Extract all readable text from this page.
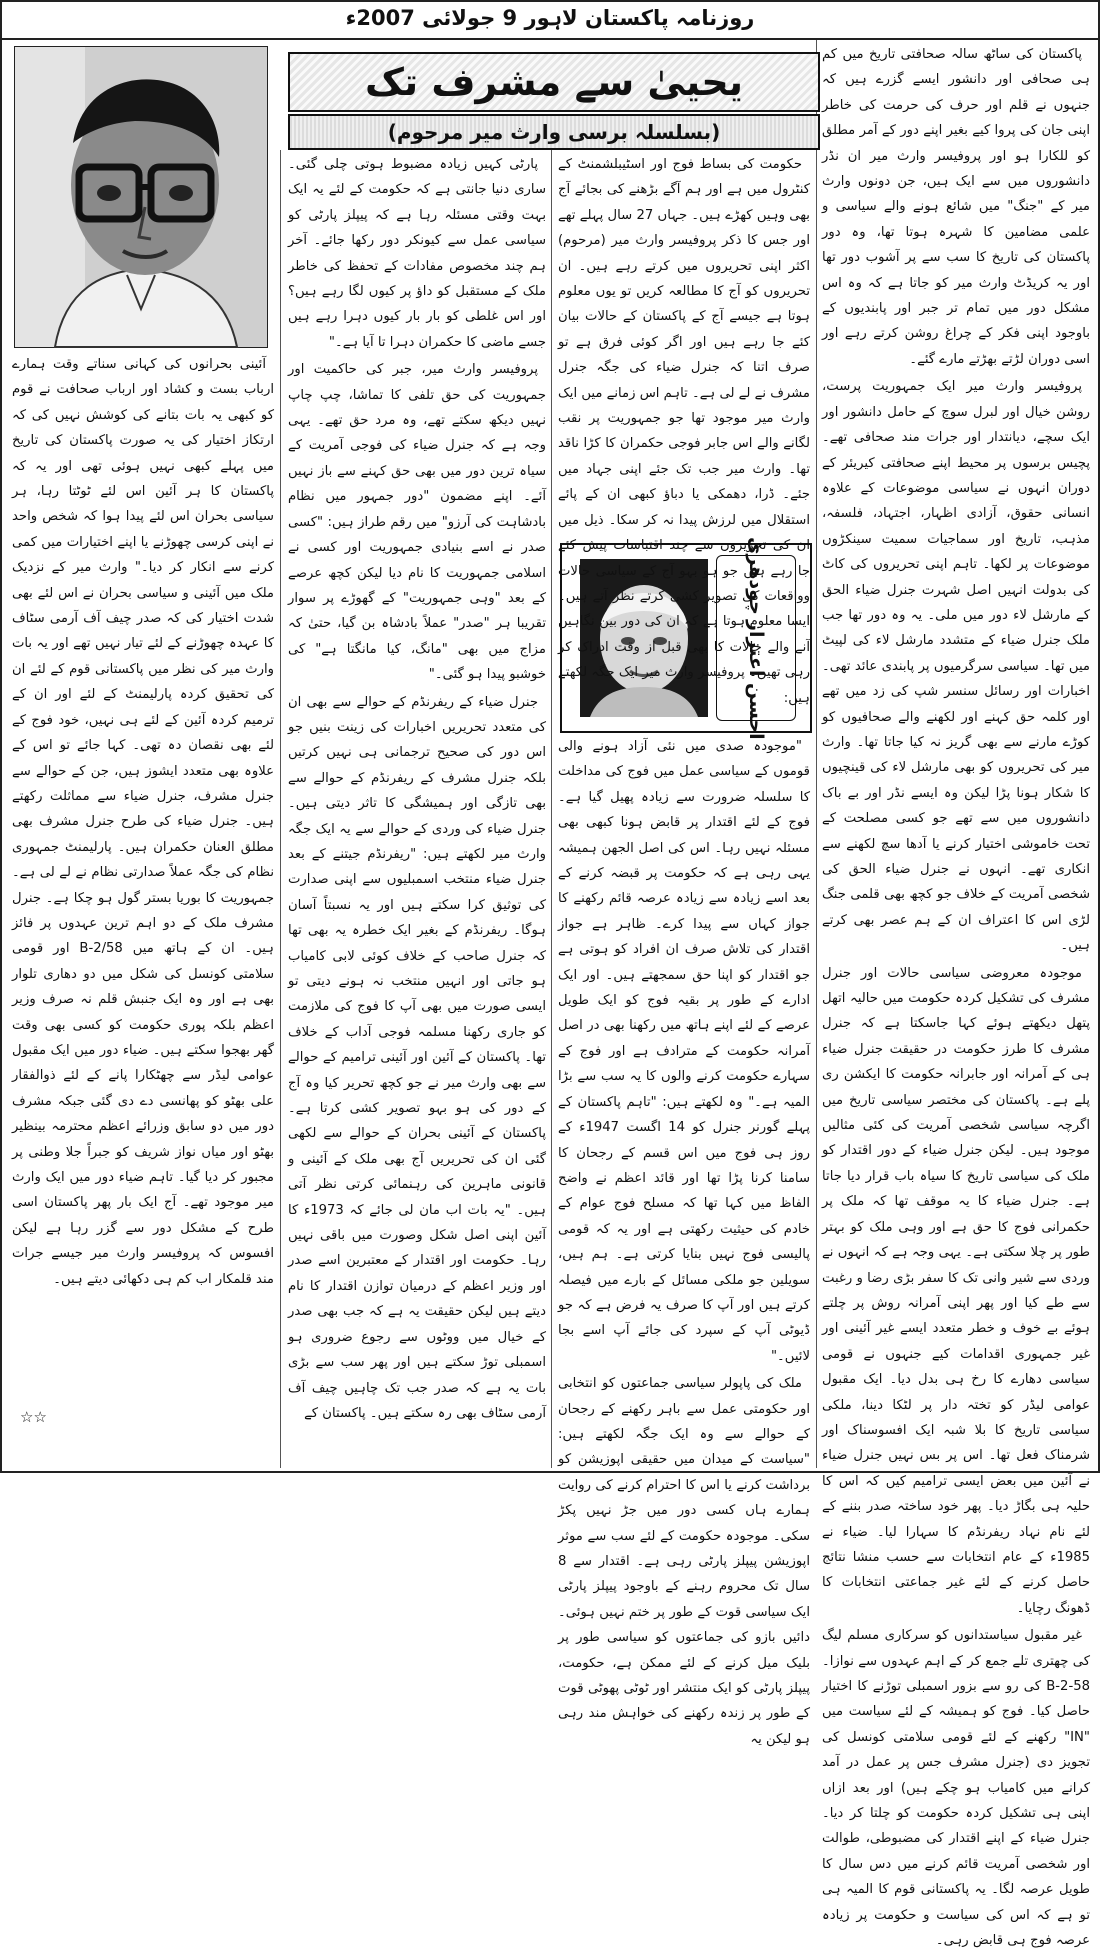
روزنامہ پاکستان لاہور 9 جولائی 2007ء
یحییٰ سے مشرف تک
(بسلسلہ برسی وارث میر مرحوم)
چودھری
اعتزاز
احسن

پاکستان کی ساٹھ سالہ صحافتی تاریخ میں کم ہی صحافی اور دانشور ایسے گزرے ہیں کہ جنہوں نے قلم اور حرف کی حرمت کی خاطر اپنی جان کی پروا کیے بغیر اپنے دور کے آمر مطلق کو للکارا ہو اور پروفیسر وارث میر ان نڈر دانشوروں میں سے ایک ہیں، جن دونوں وارث میر کے "جنگ" میں شائع ہونے والے سیاسی و علمی مضامین کا شہرہ ہوتا تھا، وہ دور پاکستان کی تاریخ کا سب سے پر آشوب دور تھا اور یہ کریڈٹ وارث میر کو جاتا ہے کہ وہ اس مشکل دور میں تمام تر جبر اور پابندیوں کے باوجود اپنی فکر کے چراغ روشن کرتے رہے اور اسی دوران لڑتے بھڑتے مارے گئے۔

پروفیسر وارث میر ایک جمہوریت پرست، روشن خیال اور لبرل سوچ کے حامل دانشور اور ایک سچے، دیانتدار اور جرات مند صحافی تھے۔ پچیس برسوں پر محیط اپنے صحافتی کیریئر کے دوران انہوں نے سیاسی موضوعات کے علاوہ انسانی حقوق، آزادی اظہار، اجتہاد، فلسفہ، مذہب، تاریخ اور سماجیات سمیت سینکڑوں موضوعات پر لکھا۔ تاہم اپنی تحریروں کی کاٹ کی بدولت انہیں اصل شہرت جنرل ضیاء الحق کے مارشل لاء دور میں ملی۔ یہ وہ دور تھا جب ملک جنرل ضیاء کے متشدد مارشل لاء کی لپیٹ میں تھا۔ سیاسی سرگرمیوں پر پابندی عائد تھی۔ اخبارات اور رسائل سنسر شپ کی زد میں تھے اور کلمہ حق کہنے اور لکھنے والے صحافیوں کو کوڑے مارنے سے بھی گریز نہ کیا جاتا تھا۔ وارث میر کی تحریروں کو بھی مارشل لاء کی قینچیوں کا شکار ہونا پڑا لیکن وہ ایسے نڈر اور بے باک دانشوروں میں سے تھے جو کسی مصلحت کے تحت خاموشی اختیار کرنے یا آدھا سچ لکھنے سے انکاری تھے۔ انہوں نے جنرل ضیاء الحق کی شخصی آمریت کے خلاف جو کچھ بھی قلمی جنگ لڑی اس کا اعتراف ان کے ہم عصر بھی کرتے ہیں۔

موجودہ معروضی سیاسی حالات اور جنرل مشرف کی تشکیل کردہ حکومت میں حالیہ اتھل پتھل دیکھتے ہوئے کہا جاسکتا ہے کہ جنرل مشرف کا طرز حکومت در حقیقت جنرل ضیاء ہی کے آمرانہ اور جابرانہ حکومت کا ایکشن ری پلے ہے۔ پاکستان کی مختصر سیاسی تاریخ میں اگرچہ سیاسی شخصی آمریت کی کئی مثالیں موجود ہیں۔ لیکن جنرل ضیاء کے دور اقتدار کو ملک کی سیاسی تاریخ کا سیاہ باب قرار دیا جاتا ہے۔ جنرل ضیاء کا یہ موقف تھا کہ ملک پر حکمرانی فوج کا حق ہے اور وہی ملک کو بہتر طور پر چلا سکتی ہے۔ یہی وجہ ہے کہ انہوں نے وردی سے شیر وانی تک کا سفر بڑی رضا و رغبت سے طے کیا اور پھر اپنی آمرانہ روش پر چلتے ہوئے بے خوف و خطر متعدد ایسے غیر آئینی اور غیر جمہوری اقدامات کیے جنہوں نے قومی سیاسی دھارے کا رخ ہی بدل دیا۔ ایک مقبول عوامی لیڈر کو تختہ دار پر لٹکا دینا، ملکی سیاسی تاریخ کا بلا شبہ ایک افسوسناک اور شرمناک فعل تھا۔ اس پر بس نہیں جنرل ضیاء نے آئین میں بعض ایسی ترامیم کیں کہ اس کا حلیہ ہی بگاڑ دیا۔ پھر خود ساختہ صدر بننے کے لئے نام نہاد ریفرنڈم کا سہارا لیا۔ ضیاء نے 1985ء کے عام انتخابات سے حسب منشا نتائج حاصل کرنے کے لئے غیر جماعتی انتخابات کا ڈھونگ رچایا۔

غیر مقبول سیاستدانوں کو سرکاری مسلم لیگ کی چھتری تلے جمع کر کے اہم عہدوں سے نوازا۔ B-2-58 کی رو سے بزور اسمبلی توڑنے کا اختیار حاصل کیا۔ فوج کو ہمیشہ کے لئے سیاست میں "IN" رکھنے کے لئے قومی سلامتی کونسل کی تجویز دی (جنرل مشرف جس پر عمل در آمد کرانے میں کامیاب ہو چکے ہیں) اور بعد ازاں اپنی ہی تشکیل کردہ حکومت کو چلتا کر دیا۔ جنرل ضیاء کے اپنے اقتدار کی مضبوطی، طوالت اور شخصی آمریت قائم کرنے میں دس سال کا طویل عرصہ لگا۔ یہ پاکستانی قوم کا المیہ ہی تو ہے کہ اس کی سیاست و حکومت پر زیادہ عرصہ فوج ہی قابض رہی۔

حکومت کی بساط فوج اور اسٹیبلشمنٹ کے کنٹرول میں ہے اور ہم آگے بڑھنے کی بجائے آج بھی وہیں کھڑے ہیں۔ جہاں 27 سال پہلے تھے اور جس کا ذکر پروفیسر وارث میر (مرحوم) اکثر اپنی تحریروں میں کرتے رہے ہیں۔ ان تحریروں کو آج کا مطالعہ کریں تو یوں معلوم ہوتا ہے جیسے آج کے پاکستان کے حالات بیان کئے جا رہے ہیں اور اگر کوئی فرق ہے تو صرف اتنا کہ جنرل ضیاء کی جگہ جنرل مشرف نے لے لی ہے۔ تاہم اس زمانے میں ایک وارث میر موجود تھا جو جمہوریت پر نقب لگانے والے اس جابر فوجی حکمران کا کڑا ناقد تھا۔ وارث میر جب تک جئے اپنی جہاد میں جئے۔ ڈرا، دھمکی یا دباؤ کبھی ان کے پائے استقلال میں لرزش پیدا نہ کر سکا۔ ذیل میں ان کی تحریروں سے چند اقتباسات پیش کئے جا رہے ہیں جو ہو بہو آج کے سیاسی حالات وواقعات کی تصویر کشی کرتے نظر آتے ہیں۔ ایسا معلوم ہوتا ہے کہ ان کی دور بین نگاہیں آنے والے حالات کا بھی قبل از وقت ادراک کر رہی تھیں۔ پروفیسر وارث میر ایک جگہ لکھتے ہیں:

"موجودہ صدی میں نئی آزاد ہونے والی قوموں کے سیاسی عمل میں فوج کی مداخلت کا سلسلہ ضرورت سے زیادہ پھیل گیا ہے۔ فوج کے لئے اقتدار پر قابض ہونا کبھی بھی مسئلہ نہیں رہا۔ اس کی اصل الجھن ہمیشہ یہی رہی ہے کہ حکومت پر قبضہ کرنے کے بعد اسے زیادہ سے زیادہ عرصہ قائم رکھنے کا جواز کہاں سے پیدا کرے۔ ظاہر ہے جواز اقتدار کی تلاش صرف ان افراد کو ہوتی ہے جو اقتدار کو اپنا حق سمجھتے ہیں۔ اور ایک ادارے کے طور پر بقیہ فوج کو ایک طویل عرصے کے لئے اپنے ہاتھ میں رکھنا بھی در اصل آمرانہ حکومت کے مترادف ہے اور فوج کے سہارے حکومت کرنے والوں کا یہ سب سے بڑا المیہ ہے۔" وہ لکھتے ہیں: "تاہم پاکستان کے پہلے گورنر جنرل کو 14 اگست 1947ء کے روز ہی فوج میں اس قسم کے رجحان کا سامنا کرنا پڑا تھا اور قائد اعظم نے واضح الفاظ میں کہا تھا کہ مسلح فوج عوام کے خادم کی حیثیت رکھتی ہے اور یہ کہ قومی پالیسی فوج نہیں بنایا کرتی ہے۔ ہم ہیں، سویلین جو ملکی مسائل کے بارے میں فیصلہ کرتے ہیں اور آپ کا صرف یہ فرض ہے کہ جو ڈیوٹی آپ کے سپرد کی جائے آپ اسے بجا لائیں۔"

ملک کی پاپولر سیاسی جماعتوں کو انتخابی اور حکومتی عمل سے باہر رکھنے کے رجحان کے حوالے سے وہ ایک جگہ لکھتے ہیں: "سیاست کے میدان میں حقیقی اپوزیشن کو برداشت کرنے یا اس کا احترام کرنے کی روایت ہمارے ہاں کسی دور میں جڑ نہیں پکڑ سکی۔ موجودہ حکومت کے لئے سب سے موثر اپوزیشن پیپلز پارٹی رہی ہے۔ اقتدار سے 8 سال تک محروم رہنے کے باوجود پیپلز پارٹی ایک سیاسی قوت کے طور پر ختم نہیں ہوئی۔ دائیں بازو کی جماعتوں کو سیاسی طور پر بلیک میل کرنے کے لئے ممکن ہے، حکومت، پیپلز پارٹی کو ایک منتشر اور ٹوٹی پھوٹی قوت کے طور پر زندہ رکھنے کی خواہش مند رہی ہو لیکن یہ

پارٹی کہیں زیادہ مضبوط ہوتی چلی گئی۔ ساری دنیا جانتی ہے کہ حکومت کے لئے یہ ایک بہت وقتی مسئلہ رہا ہے کہ پیپلز پارٹی کو سیاسی عمل سے کیونکر دور رکھا جائے۔ آخر ہم چند مخصوص مفادات کے تحفظ کی خاطر ملک کے مستقبل کو داؤ پر کیوں لگا رہے ہیں؟ اور اس غلطی کو بار بار کیوں دہرا رہے ہیں جسے ماضی کا حکمران دہرا تا آیا ہے۔"

پروفیسر وارث میر، جبر کی حاکمیت اور جمہوریت کی حق تلفی کا تماشا، چپ چاپ نہیں دیکھ سکتے تھے، وہ مرد حق تھے۔ یہی وجہ ہے کہ جنرل ضیاء کی فوجی آمریت کے سیاہ ترین دور میں بھی حق کہنے سے باز نہیں آئے۔ اپنے مضمون "دور جمہور میں نظام بادشاہت کی آرزو" میں رقم طراز ہیں: "کسی صدر نے اسے بنیادی جمہوریت اور کسی نے اسلامی جمہوریت کا نام دیا لیکن کچھ عرصے کے بعد "وہی جمہوریت" کے گھوڑے پر سوار تقریبا ہر "صدر" عملاً بادشاہ بن گیا، حتیٰ کہ مزاج میں بھی "مانگ، کیا مانگتا ہے" کی خوشبو پیدا ہو گئی۔"

جنرل ضیاء کے ریفرنڈم کے حوالے سے بھی ان کی متعدد تحریریں اخبارات کی زینت بنیں جو اس دور کی صحیح ترجمانی ہی نہیں کرتیں بلکہ جنرل مشرف کے ریفرنڈم کے حوالے سے بھی تازگی اور ہمیشگی کا تاثر دیتی ہیں۔ جنرل ضیاء کی وردی کے حوالے سے یہ ایک جگہ وارث میر لکھتے ہیں: "ریفرنڈم جیتنے کے بعد جنرل ضیاء منتخب اسمبلیوں سے اپنی صدارت کی توثیق کرا سکتے ہیں اور یہ نسبتاً آسان ہوگا۔ ریفرنڈم کے بغیر ایک خطرہ یہ بھی تھا کہ جنرل صاحب کے خلاف کوئی لابی کامیاب ہو جاتی اور انہیں منتخب نہ ہونے دیتی تو ایسی صورت میں بھی آپ کا فوج کی ملازمت کو جاری رکھنا مسلمہ فوجی آداب کے خلاف تھا۔ پاکستان کے آئین اور آئینی ترامیم کے حوالے سے بھی وارث میر نے جو کچھ تحریر کیا وہ آج کے دور کی ہو بہو تصویر کشی کرتا ہے۔ پاکستان کے آئینی بحران کے حوالے سے لکھی گئی ان کی تحریریں آج بھی ملک کے آئینی و قانونی ماہرین کی رہنمائی کرتی نظر آتی ہیں۔ "یہ بات اب مان لی جائے کہ 1973ء کا آئین اپنی اصل شکل وصورت میں باقی نہیں رہا۔ حکومت اور اقتدار کے معتبرین اسے صدر اور وزیر اعظم کے درمیان توازن اقتدار کا نام دیتے ہیں لیکن حقیقت یہ ہے کہ جب بھی صدر کے خیال میں ووٹوں سے رجوع ضروری ہو اسمبلی توڑ سکتے ہیں اور پھر سب سے بڑی بات یہ ہے کہ صدر جب تک چاہیں چیف آف آرمی سٹاف بھی رہ سکتے ہیں۔ پاکستان کے

آئینی بحرانوں کی کہانی سناتے وقت ہمارے ارباب بست و کشاد اور ارباب صحافت نے قوم کو کبھی یہ بات بتانے کی کوشش نہیں کی کہ ارتکاز اختیار کی یہ صورت پاکستان کی تاریخ میں پہلے کبھی نہیں ہوئی تھی اور یہ کہ پاکستان کا ہر آئین اس لئے ٹوٹتا رہا، ہر سیاسی بحران اس لئے پیدا ہوا کہ شخص واحد نے اپنی کرسی چھوڑنے یا اپنے اختیارات میں کمی کرنے سے انکار کر دیا۔" وارث میر کے نزدیک ملک میں آئینی و سیاسی بحران نے اس لئے بھی شدت اختیار کی کہ صدر چیف آف آرمی سٹاف کا عہدہ چھوڑنے کے لئے تیار نہیں تھے اور یہ بات وارث میر کی نظر میں پاکستانی قوم کے لئے ان کی تحقیق کردہ پارلیمنٹ کے لئے اور ان کے ترمیم کردہ آئین کے لئے ہی نہیں، خود فوج کے لئے بھی نقصان دہ تھی۔ کہا جائے تو اس کے علاوہ بھی متعدد ایشوز ہیں، جن کے حوالے سے جنرل مشرف، جنرل ضیاء سے مماثلت رکھتے ہیں۔ جنرل ضیاء کی طرح جنرل مشرف بھی مطلق العنان حکمران ہیں۔ پارلیمنٹ جمہوری نظام کی جگہ عملاً صدارتی نظام نے لے لی ہے۔ جمہوریت کا بوریا بستر گول ہو چکا ہے۔ جنرل مشرف ملک کے دو اہم ترین عہدوں پر فائز ہیں۔ ان کے ہاتھ میں B-2/58 اور قومی سلامتی کونسل کی شکل میں دو دھاری تلوار بھی ہے اور وہ ایک جنبش قلم نہ صرف وزیر اعظم بلکہ پوری حکومت کو کسی بھی وقت گھر بھجوا سکتے ہیں۔ ضیاء دور میں ایک مقبول عوامی لیڈر سے چھٹکارا پانے کے لئے ذوالفقار علی بھٹو کو پھانسی دے دی گئی جبکہ مشرف دور میں دو سابق وزرائے اعظم محترمہ بینظیر بھٹو اور میاں نواز شریف کو جبراً جلا وطنی پر مجبور کر دیا گیا۔ تاہم ضیاء دور میں ایک وارث میر موجود تھے۔ آج ایک بار پھر پاکستان اسی طرح کے مشکل دور سے گزر رہا ہے لیکن افسوس کہ پروفیسر وارث میر جیسے جرات مند قلمکار اب کم ہی دکھائی دیتے ہیں۔

☆☆
